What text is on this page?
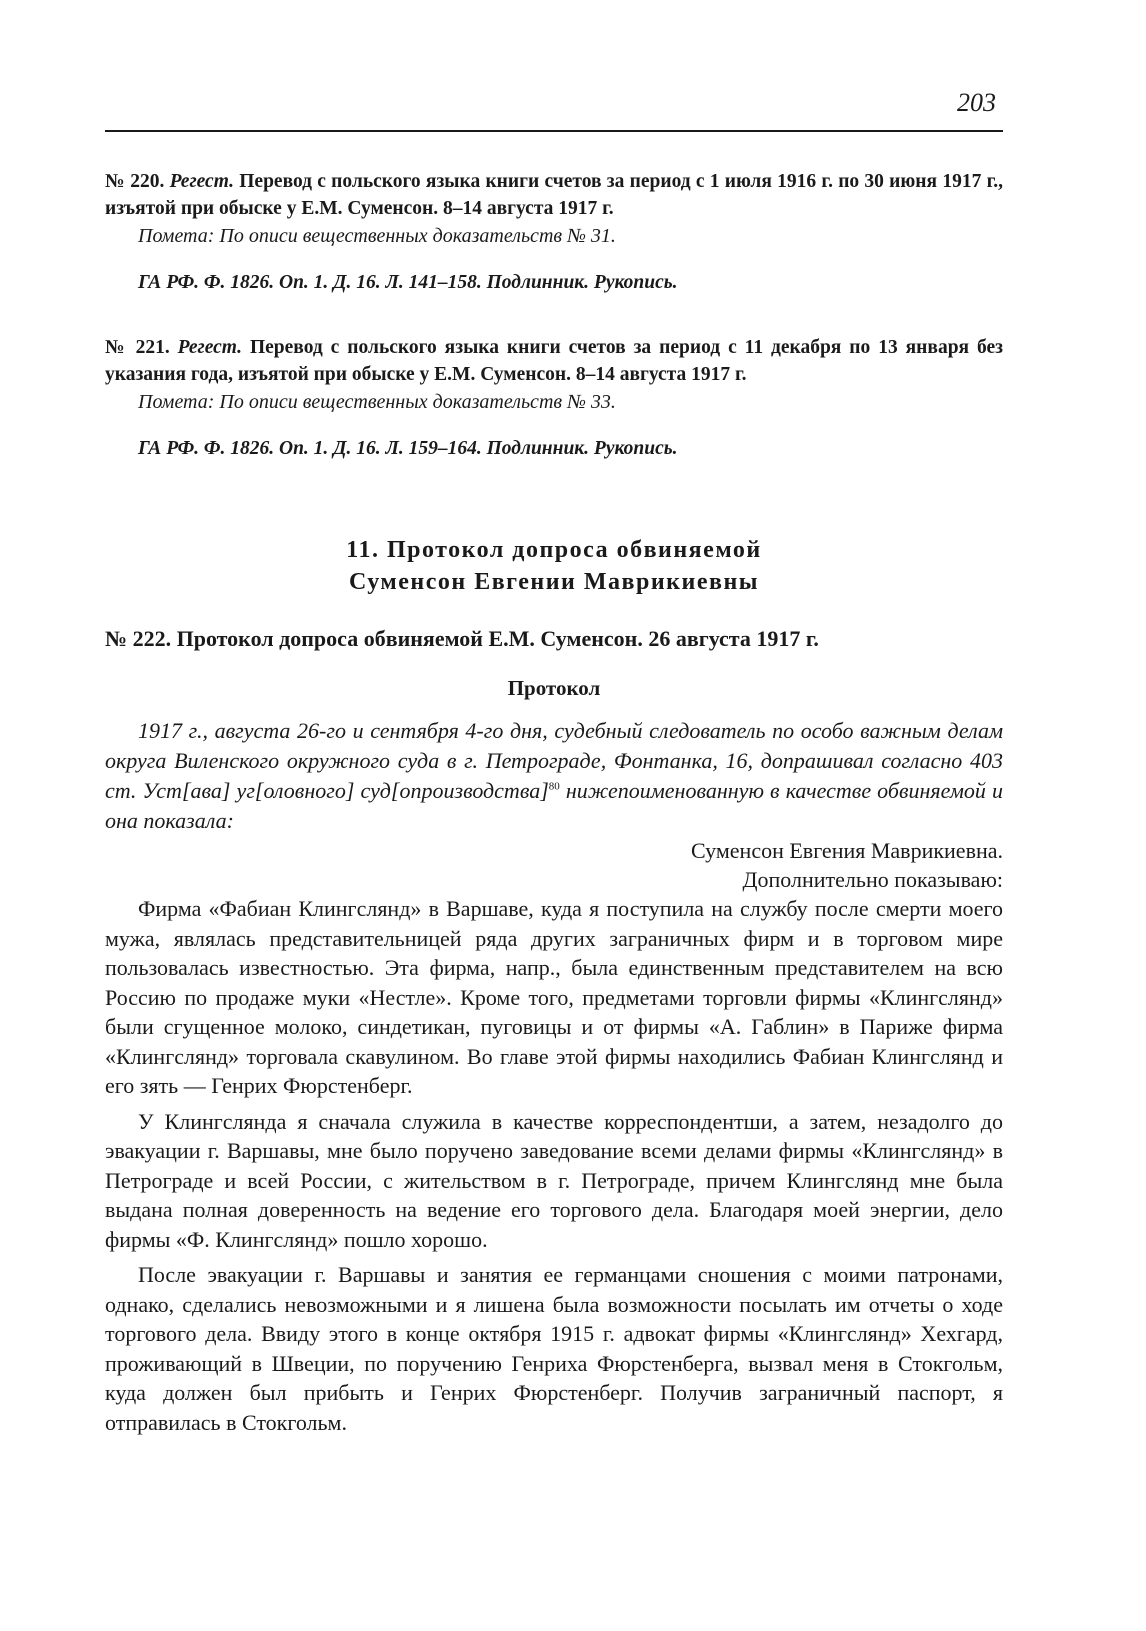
203
№ 220. Регест. Перевод с польского языка книги счетов за период с 1 июля 1916 г. по 30 июня 1917 г., изъятой при обыске у Е.М. Суменсон. 8–14 августа 1917 г.
Помета: По описи вещественных доказательств № 31.
ГА РФ. Ф. 1826. Оп. 1. Д. 16. Л. 141–158. Подлинник. Рукопись.
№ 221. Регест. Перевод с польского языка книги счетов за период с 11 декабря по 13 января без указания года, изъятой при обыске у Е.М. Суменсон. 8–14 августа 1917 г.
Помета: По описи вещественных доказательств № 33.
ГА РФ. Ф. 1826. Оп. 1. Д. 16. Л. 159–164. Подлинник. Рукопись.
11. Протокол допроса обвиняемой
Суменсон Евгении Маврикиевны
№ 222. Протокол допроса обвиняемой Е.М. Суменсон. 26 августа 1917 г.
Протокол
1917 г., августа 26-го и сентября 4-го дня, судебный следователь по особо важным делам округа Виленского окружного суда в г. Петрограде, Фонтанка, 16, допрашивал согласно 403 ст. Уст[ава] уг[оловного] суд[опроизводства]$^{80}$ нижепоименованную в качестве обвиняемой и она показала:
Суменсон Евгения Маврикиевна.
Дополнительно показываю:

Фирма «Фабиан Клингслянд» в Варшаве, куда я поступила на службу после смерти моего мужа, являлась представительницей ряда других заграничных фирм и в торговом мире пользовалась известностью. Эта фирма, напр., была единственным представителем на всю Россию по продаже муки «Нестле». Кроме того, предметами торговли фирмы «Клингслянд» были сгущенное молоко, синдетикан, пуговицы и от фирмы «А. Габлин» в Париже фирма «Клингслянд» торговала скавулином. Во главе этой фирмы находились Фабиан Клингслянд и его зять — Генрих Фюрстенберг.

У Клингслянда я сначала служила в качестве корреспондентши, а затем, незадолго до эвакуации г. Варшавы, мне было поручено заведование всеми делами фирмы «Клингслянд» в Петрограде и всей России, с жительством в г. Петрограде, причем Клингслянд мне была выдана полная доверенность на ведение его торгового дела. Благодаря моей энергии, дело фирмы «Ф. Клингслянд» пошло хорошо.

После эвакуации г. Варшавы и занятия ее германцами сношения с моими патронами, однако, сделались невозможными и я лишена была возможности посылать им отчеты о ходе торгового дела. Ввиду этого в конце октября 1915 г. адвокат фирмы «Клингслянд» Хехгард, проживающий в Швеции, по поручению Генриха Фюрстенберга, вызвал меня в Стокгольм, куда должен был прибыть и Генрих Фюрстенберг. Получив заграничный паспорт, я отправилась в Стокгольм.
